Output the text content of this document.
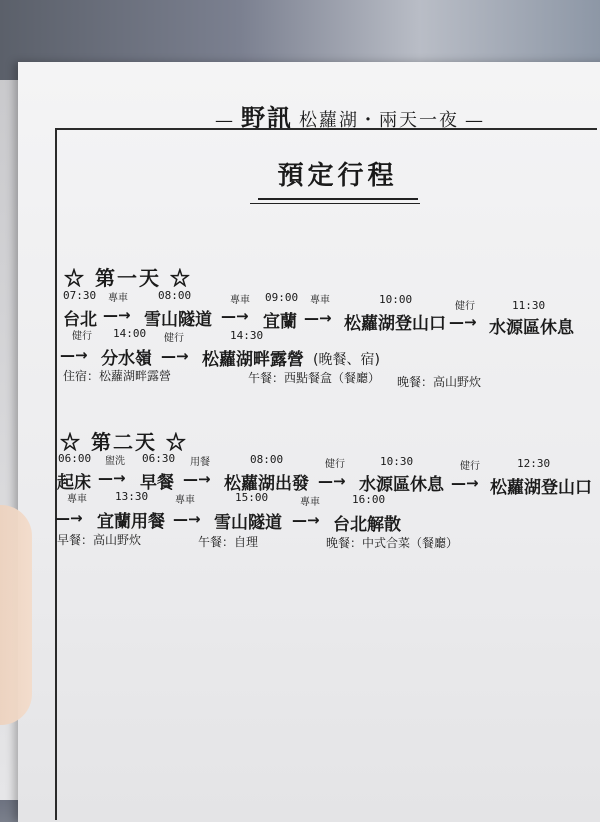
— 野訊 松蘿湖・兩天一夜 —
預定行程
☆ 第一天 ☆
07:30 專車	08:00	專車 09:00 專車	10:00
健行	11:30
台北 —→ 雪山隧道 —→ 宜蘭 —→ 松蘿湖登山口 —→ 水源區休息
健行 14:00 健行	14:30
—→ 分水嶺 —→ 松蘿湖畔露營 (晚餐、宿)
住宿：松蘿湖畔露營	午餐：西點餐盒（餐廳） 晚餐：高山野炊
☆ 第二天 ☆
06:00 盥洗 06:30 用餐	08:00	健行	10:30	健行	12:30
起床 —→ 早餐 —→ 松蘿湖出發 —→ 水源區休息 —→ 松蘿湖登山口
專車	13:30	專車	15:00	專車	16:00
—→ 宜蘭用餐 —→ 雪山隧道 —→ 台北解散
早餐：高山野炊	午餐：自理	晚餐：中式合菜（餐廳）
